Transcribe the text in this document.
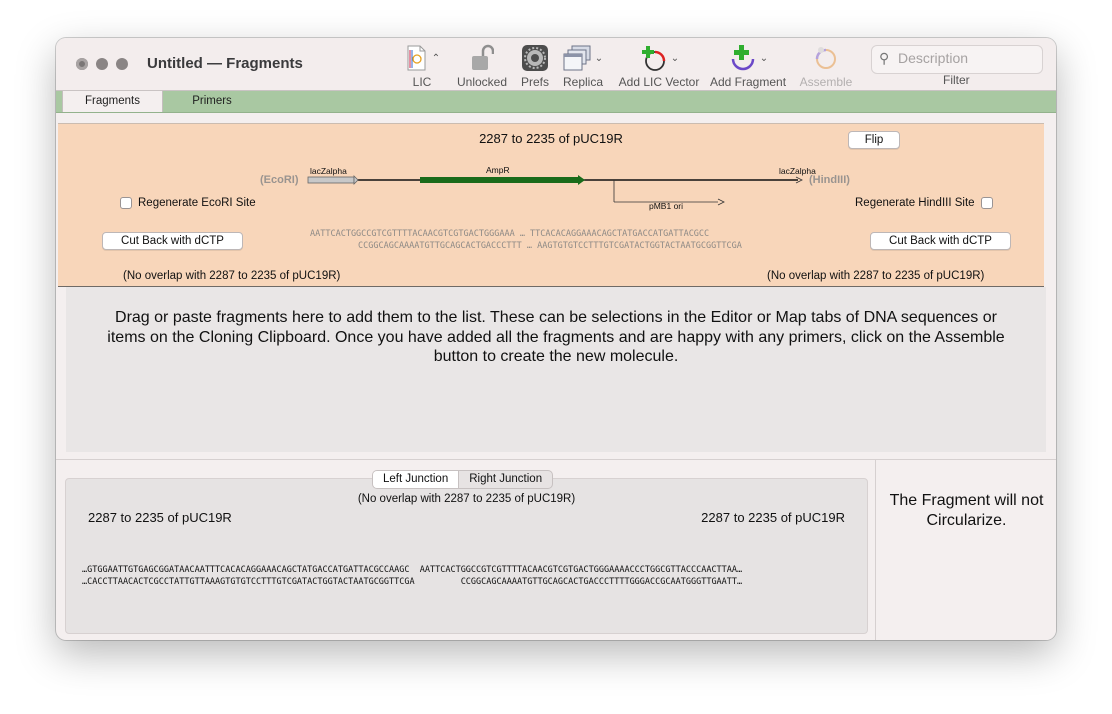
Untitled — Fragments	⌃
LIC	Unlocked	Prefs
⌄
Replica
⌄
Add LIC Vector
⌄
Add Fragment Assemble
⚲
Description
Filter
Fragments	Primers
2287 to 2235 of pUC19R	Flip
(EcoRI)	(HindIII)
lacZalpha	AmpR	lacZalpha
pMB1 ori
Regenerate EcoRI Site	Regenerate HindIII Site
Cut Back with dCTP	Cut Back with dCTP
AATTCACTGGCCGTCGTTTTACAACGTCGTGACTGGGAAA … TTCACACAGGAAACAGCTATGACCATGATTACGCC
CCGGCAGCAAAATGTTGCAGCACTGACCCTTT … AAGTGTGTCCTTTGTCGATACTGGTACTAATGCGGTTCGA
(No overlap with 2287 to 2235 of pUC19R)	(No overlap with 2287 to 2235 of pUC19R)
Drag or paste fragments here to add them to the list. These can be selections in the Editor or Map tabs of DNA sequences or items on the Cloning Clipboard. Once you have added all the fragments and are happy with any primers, click on the Assemble button to create the new molecule.
(No overlap with 2287 to 2235 of pUC19R)
2287 to 2235 of pUC19R	2287 to 2235 of pUC19R
…GTGGAATTGTGAGCGGATAACAATTTCACACAGGAAACAGCTATGACCATGATTACGCCAAGC  AATTCACTGGCCGTCGTTTTACAACGTCGTGACTGGGAAAACCCTGGCGTTACCCAACTTAA…
…CACCTTAACACTCGCCTATTGTTAAAGTGTGTCCTTTGTCGATACTGGTACTAATGCGGTTCGA         CCGGCAGCAAAATGTTGCAGCACTGACCCTTTTGGGACCGCAATGGGTTGAATT…
Left Junction	Right Junction
The Fragment will not Circularize.
